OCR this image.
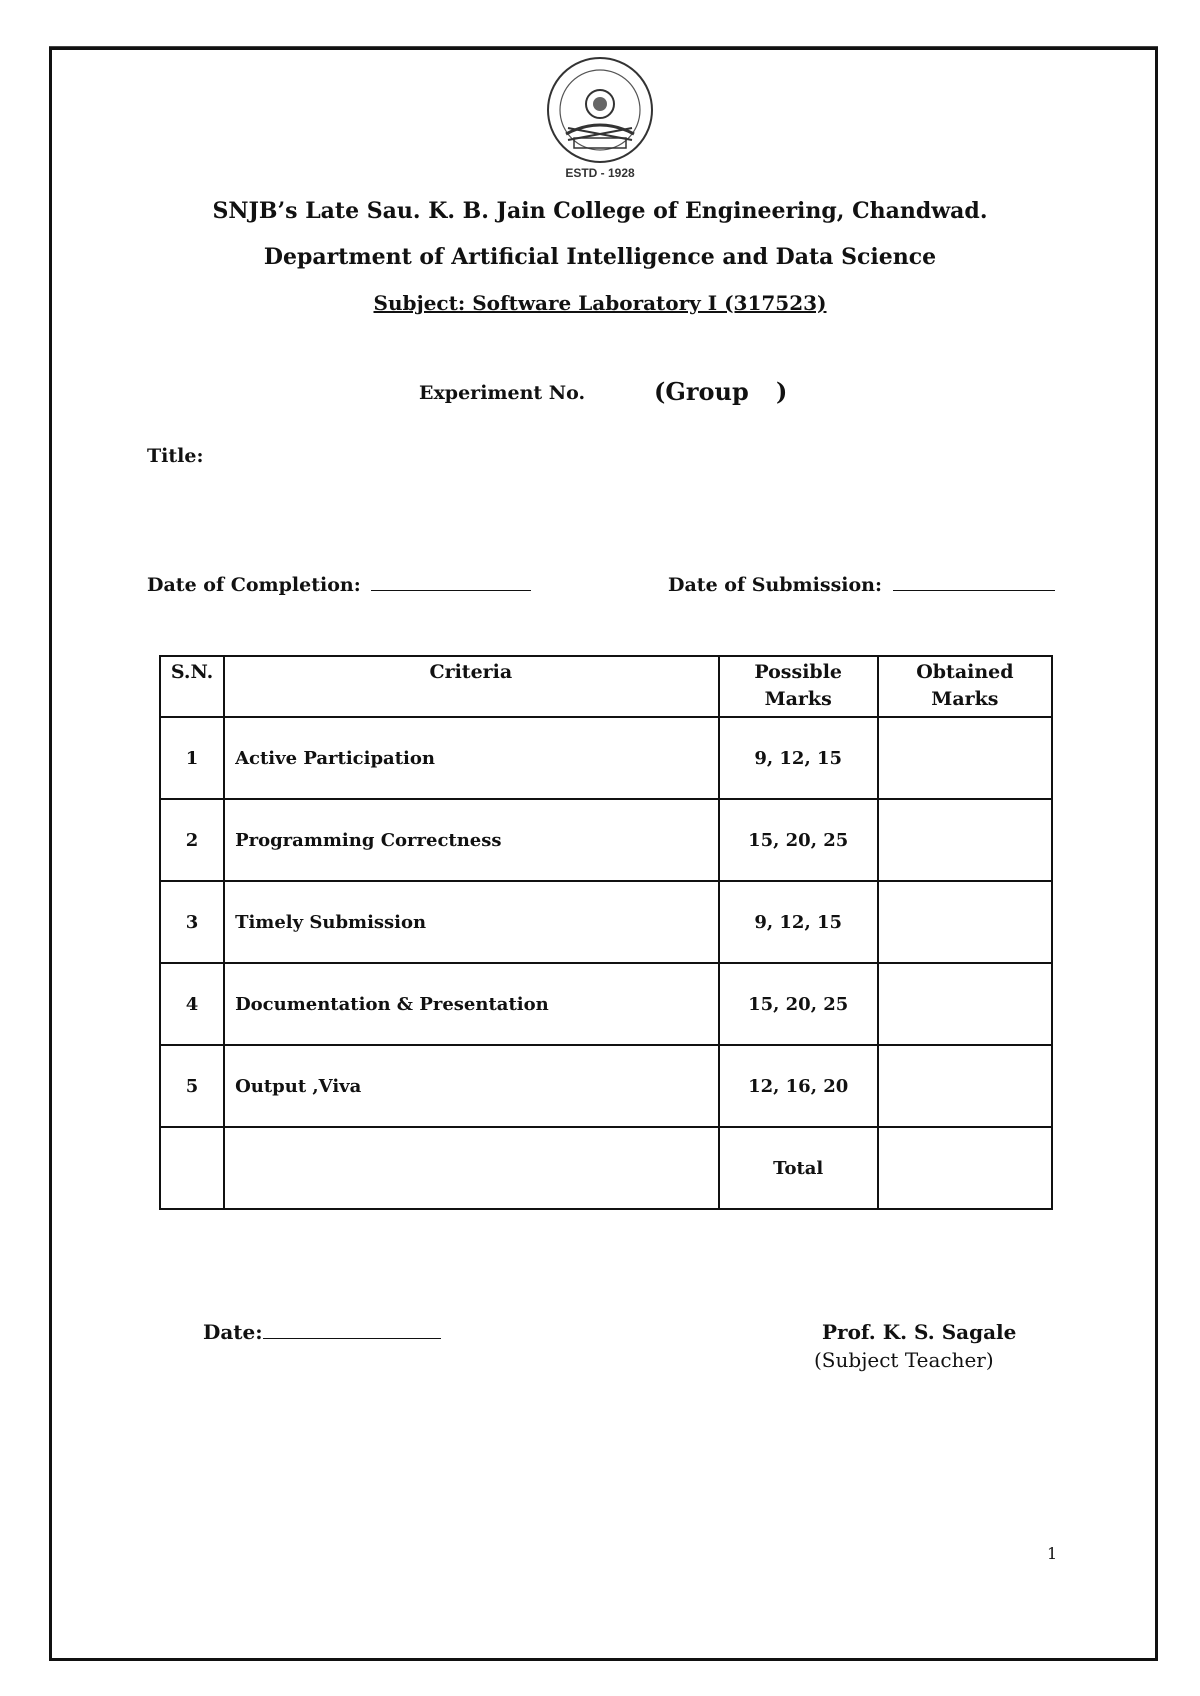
ESTD - 1928
SNJB’s Late Sau. K. B. Jain College of Engineering, Chandwad.
Department of Artificial Intelligence and Data Science
Subject: Software Laboratory I (317523)
Experiment No.	(Group )
Title:
Date of Completion:	Date of Submission:
S.N.	Criteria	Possible Marks	Obtained Marks
1	Active Participation	9, 12, 15	
2	Programming Correctness	15, 20, 25	
3	Timely Submission	9, 12, 15	
4	Documentation & Presentation	15, 20, 25	
5	Output ,Viva	12, 16, 20	
		Total	
Date:	Prof. K. S. Sagale
(Subject Teacher)
1
